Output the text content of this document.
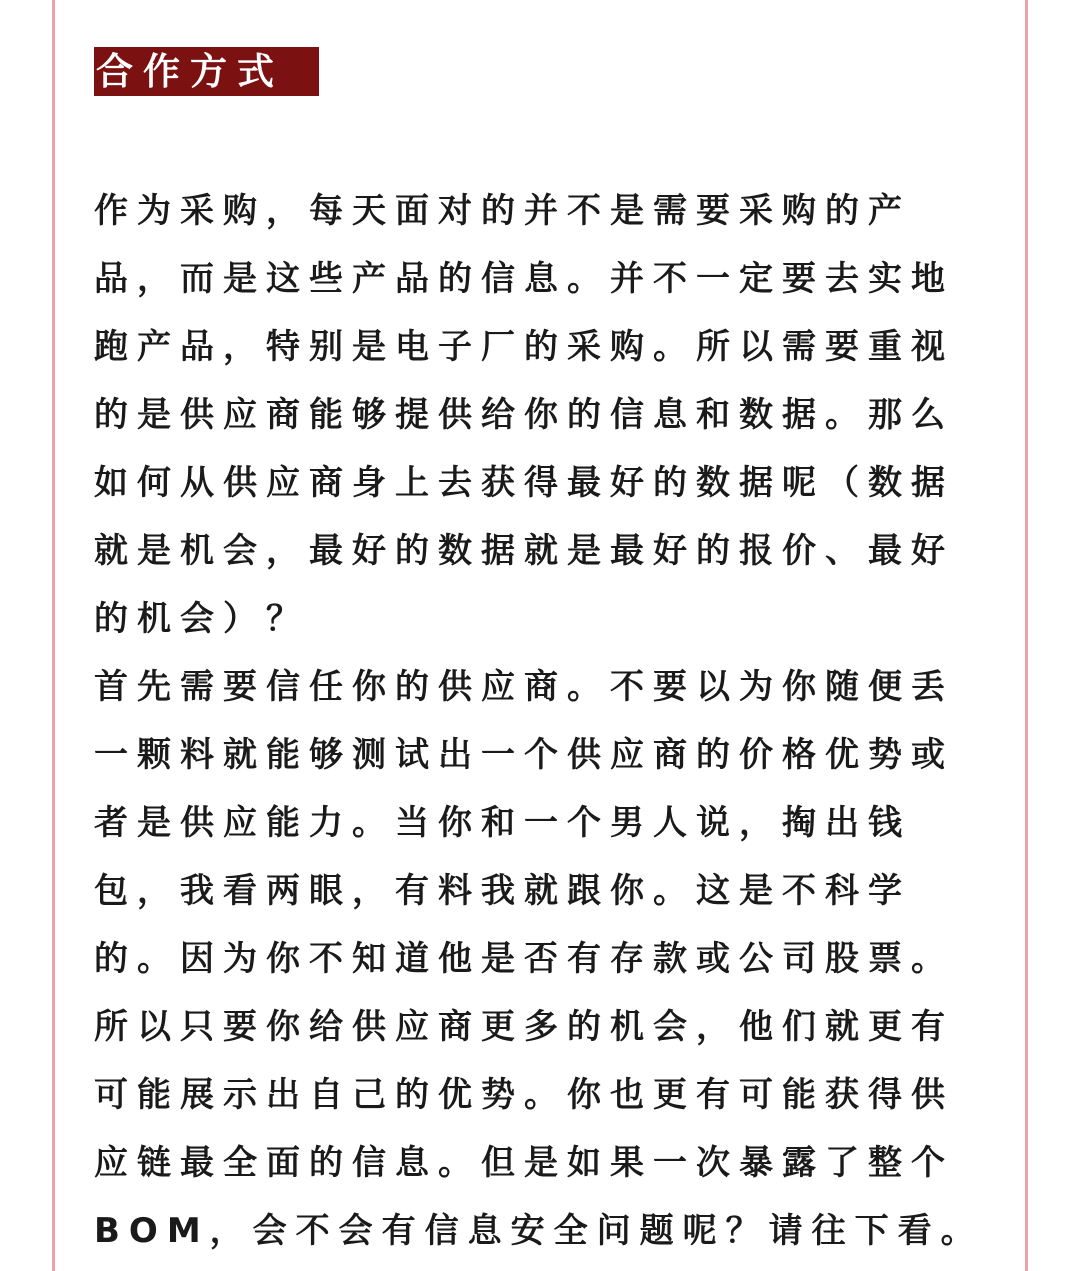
合作方式
作为采购，每天面对的并不是需要采购的产
品，而是这些产品的信息。并不一定要去实地
跑产品，特别是电子厂的采购。所以需要重视
的是供应商能够提供给你的信息和数据。那么
如何从供应商身上去获得最好的数据呢（数据
就是机会，最好的数据就是最好的报价、最好
的机会）？
首先需要信任你的供应商。不要以为你随便丢
一颗料就能够测试出一个供应商的价格优势或
者是供应能力。当你和一个男人说，掏出钱
包，我看两眼，有料我就跟你。这是不科学
的。因为你不知道他是否有存款或公司股票。
所以只要你给供应商更多的机会，他们就更有
可能展示出自己的优势。你也更有可能获得供
应链最全面的信息。但是如果一次暴露了整个
BOM，会不会有信息安全问题呢？请往下看。
